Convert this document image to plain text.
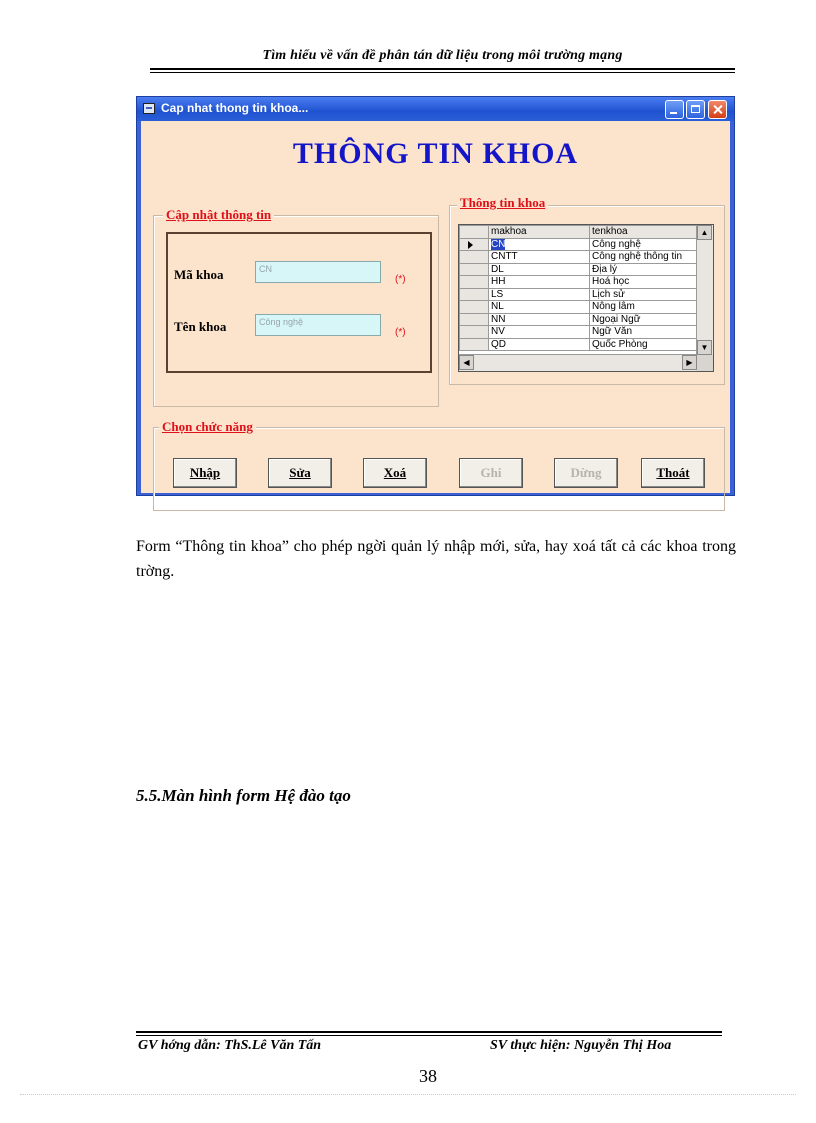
Tìm hiểu về vấn đề phân tán dữ liệu trong môi trường mạng
Cap nhat thong tin khoa...
THÔNG TIN KHOA
Cập nhật thông tin
Mã khoa	CN
(*)
Tên khoa	Công nghệ
(*)
Thông tin khoa
	makhoa	tenkhoa

	CN	Công nghệ
	CNTT	Công nghệ thông tin
	DL	Địa lý
	HH	Hoá học
	LS	Lịch sử
	NL	Nông lâm
	NN	Ngoại Ngữ
	NV	Ngữ Văn
	QD	Quốc Phòng
▲
▼
◀	▶
Chọn chức năng
Nhập	Sửa	Xoá	Ghi	Dừng	Thoát
Form “Thông tin khoa” cho phép ngời quản lý nhập mới, sửa, hay xoá tất cả các khoa trong trờng.
5.5.Màn hình form Hệ đào tạo
GV hớng dẫn: ThS.Lê Văn Tấn	SV thực hiện: Nguyễn Thị Hoa
38
